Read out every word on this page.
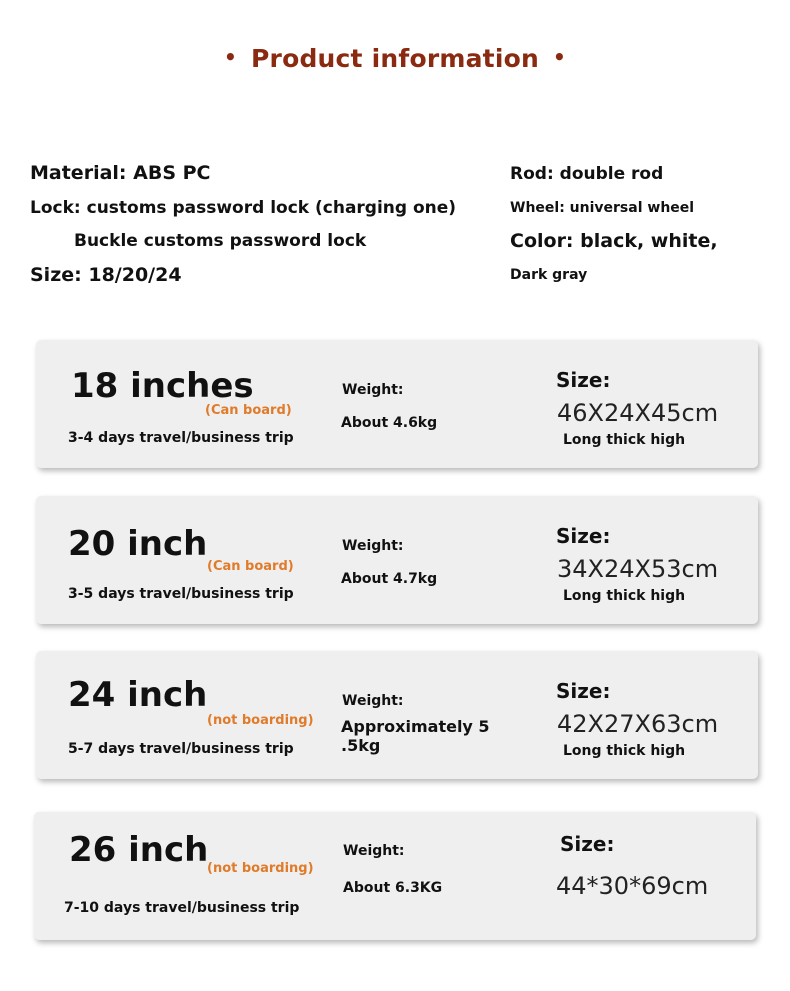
• Product information •
Material: ABS PC
Lock: customs password lock (charging one)
Buckle customs password lock
Size: 18/20/24
Rod: double rod
Wheel: universal wheel
Color: black, white,
Dark gray
18 inches
(Can board)
3-4 days travel/business trip
Weight:
About 4.6kg
Size:
46X24X45cm
Long thick high
20 inch
(Can board)
3-5 days travel/business trip
Weight:
About 4.7kg
Size:
34X24X53cm
Long thick high
24 inch
(not boarding)
5-7 days travel/business trip
Weight:
Approximately 5
.5kg
Size:
42X27X63cm
Long thick high
26 inch
(not boarding)
7-10 days travel/business trip
Weight:
About 6.3KG
Size:
44*30*69cm
